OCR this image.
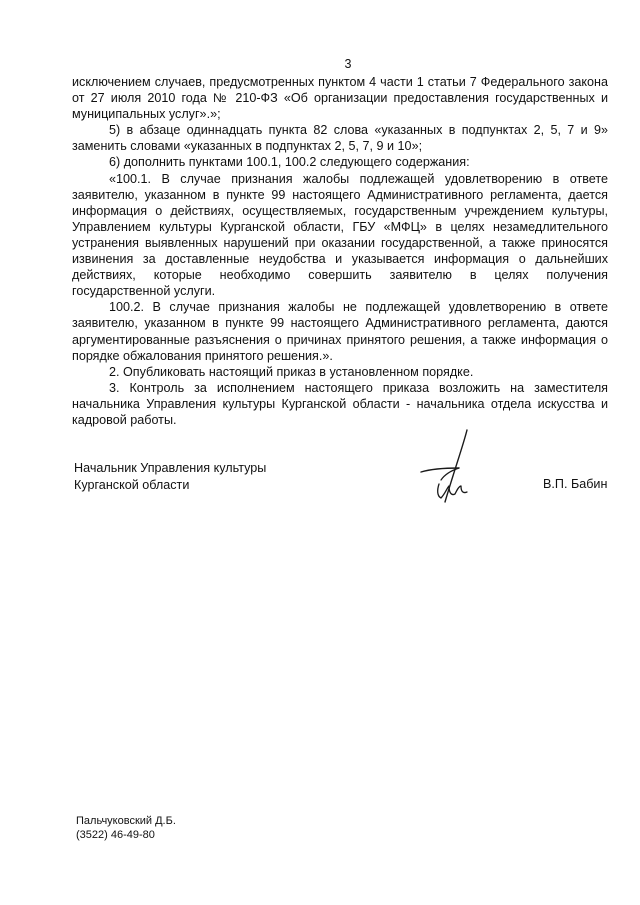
3

исключением случаев, предусмотренных пунктом 4 части 1 статьи 7 Федерального закона от 27 июля 2010 года № 210-ФЗ «Об организации предоставления государственных и муниципальных услуг».»;

5) в абзаце одиннадцать пункта 82 слова «указанных в подпунктах 2, 5, 7 и 9» заменить словами «указанных в подпунктах 2, 5, 7, 9 и 10»;

6) дополнить пунктами 100.1, 100.2 следующего содержания:

«100.1. В случае признания жалобы подлежащей удовлетворению в ответе заявителю, указанном в пункте 99 настоящего Административного регламента, дается информация о действиях, осуществляемых, государственным учреждением культуры, Управлением культуры Курганской области, ГБУ «МФЦ» в целях незамедлительного устранения выявленных нарушений при оказании государственной, а также приносятся извинения за доставленные неудобства и указывается информация о дальнейших действиях, которые необходимо совершить заявителю в целях получения государственной услуги.

100.2. В случае признания жалобы не подлежащей удовлетворению в ответе заявителю, указанном в пункте 99 настоящего Административного регламента, даются аргументированные разъяснения о причинах принятого решения, а также информация о порядке обжалования принятого решения.».

2. Опубликовать настоящий приказ в установленном порядке.

3. Контроль за исполнением настоящего приказа возложить на заместителя начальника Управления культуры Курганской области - начальника отдела искусства и кадровой работы.

Начальник Управления культуры
Курганской области	В.П. Бабин
Пальчуковский Д.Б.
(3522) 46-49-80
